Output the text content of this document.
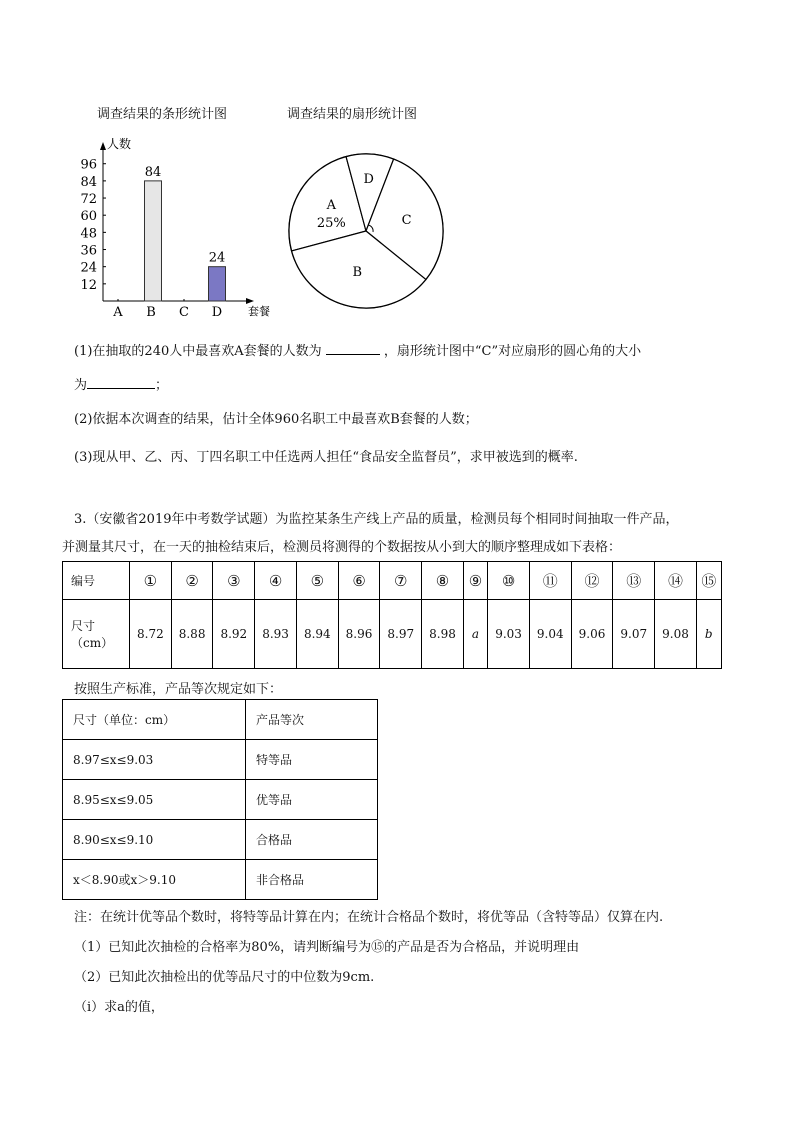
调查结果的条形统计图	调查结果的扇形统计图
人数
套餐
12
24
36
48
60
72
84
96
A B
84
C D
24
A
25%
D
C
B
(1)在抽取的240人中最喜欢A套餐的人数为	，扇形统计图中“C”对应扇形的圆心角的大小
为	；
(2)依据本次调查的结果，估计全体960名职工中最喜欢B套餐的人数；
(3)现从甲、乙、丙、丁四名职工中任选两人担任“食品安全监督员”，求甲被选到的概率.
3.（安徽省2019年中考数学试题）为监控某条生产线上产品的质量，检测员每个相同时间抽取一件产品，
并测量其尺寸，在一天的抽检结束后，检测员将测得的个数据按从小到大的顺序整理成如下表格：
编号	①	②	③	④	⑤	⑥	⑦	⑧	⑨	⑩	⑪	⑫	⑬	⑭	⑮

尺寸
（cm）	8.72	8.88	8.92	8.93	8.94	8.96	8.97	8.98	a	9.03	9.04	9.06	9.07	9.08	b
按照生产标准，产品等次规定如下：
尺寸（单位：cm）	产品等次
8.97≤x≤9.03	特等品
8.95≤x≤9.05	优等品
8.90≤x≤9.10	合格品
x＜8.90或x＞9.10	非合格品
注：在统计优等品个数时，将特等品计算在内；在统计合格品个数时，将优等品（含特等品）仅算在内.
（1）已知此次抽检的合格率为80%，请判断编号为⑮的产品是否为合格品，并说明理由
（2）已知此次抽检出的优等品尺寸的中位数为9cm.
（i）求a的值，
